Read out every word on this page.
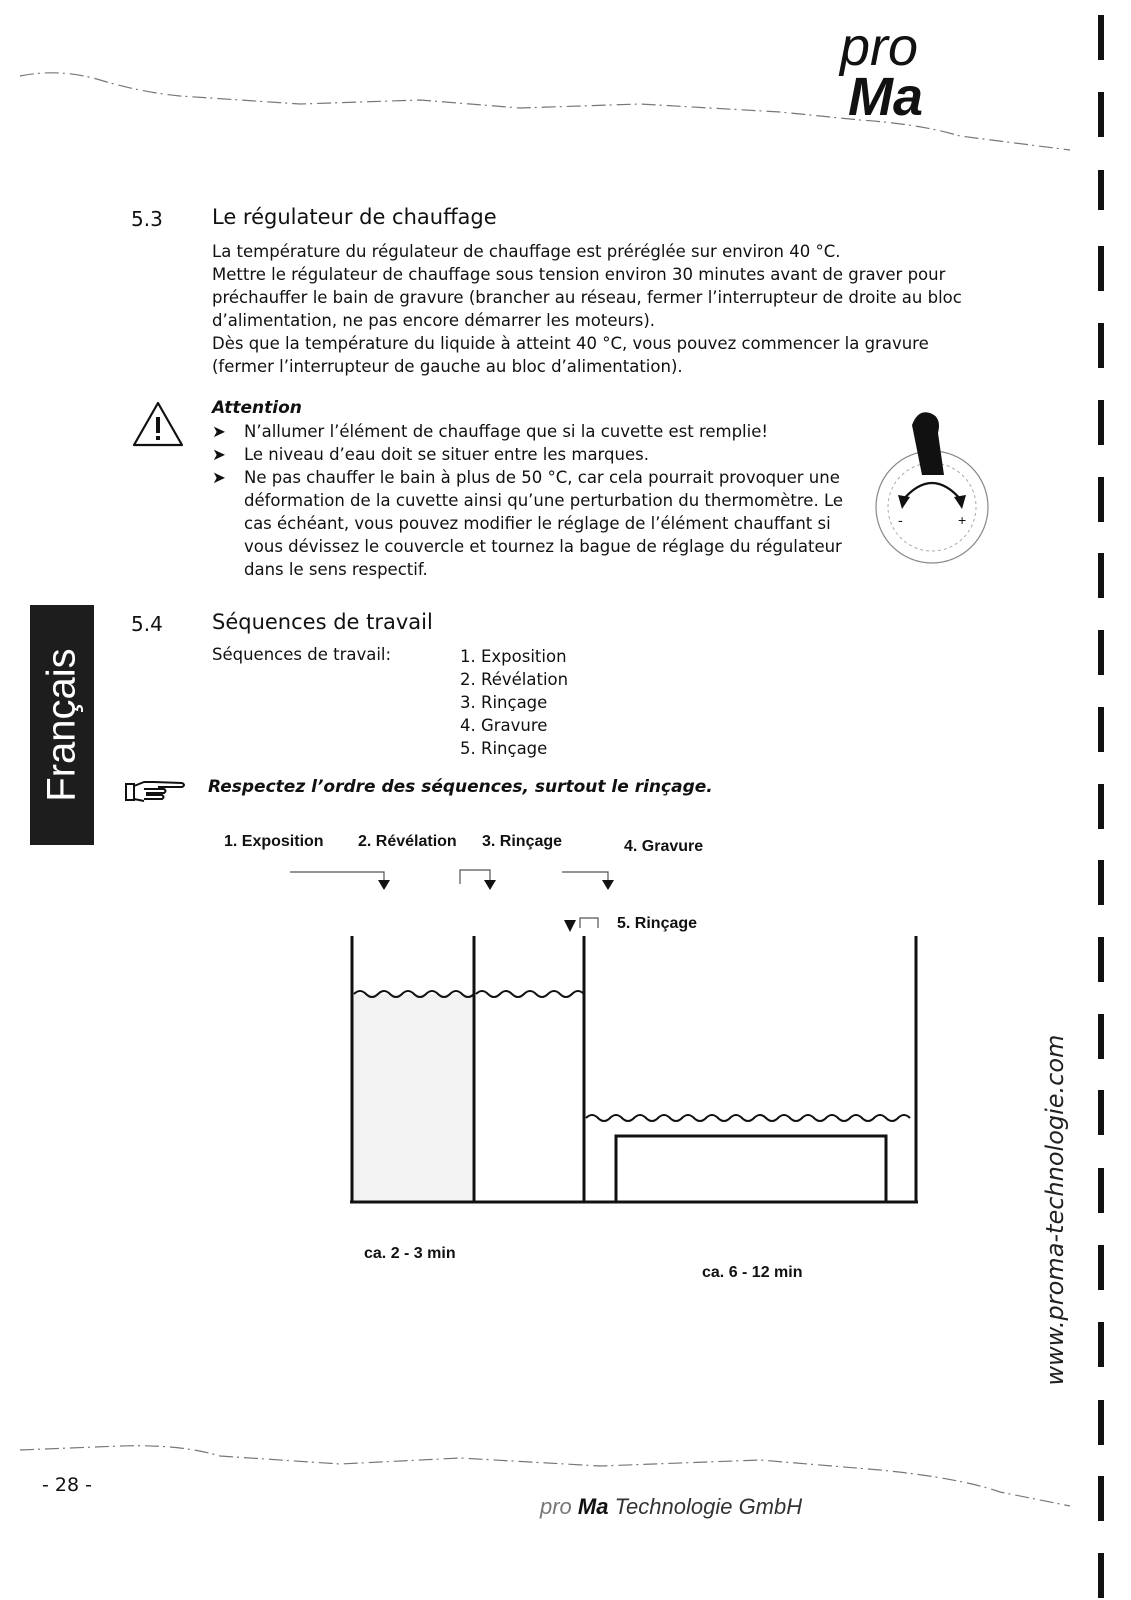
pro
Ma
Français
www.proma-technologie.com
5.3 Le régulateur de chauffage

La température du régulateur de chauffage est préréglée sur environ 40 °C.

Mettre le régulateur de chauffage sous tension environ 30 minutes avant de graver pour

préchauffer le bain de gravure (brancher au réseau, fermer l’interrupteur de droite au bloc

d’alimentation, ne pas encore démarrer les moteurs).

Dès que la température du liquide à atteint 40 °C, vous pouvez commencer la gravure

(fermer l’interrupteur de gauche au bloc d’alimentation).

Attention
➤ N’allumer l’élément de chauffage que si la cuvette est remplie!
➤ Le niveau d’eau doit se situer entre les marques.
➤ Ne pas chauffer le bain à plus de 50 °C, car cela pourrait provoquer une
déformation de la cuvette ainsi qu’une perturbation du thermomètre. Le
cas échéant, vous pouvez modifier le réglage de l’élément chauffant si
vous dévissez le couvercle et tournez la bague de réglage du régulateur
dans le sens respectif.
-	+
5.4 Séquences de travail
Séquences de travail:	1. Exposition
2. Révélation
3. Rinçage
4. Gravure
5. Rinçage
Respectez l’ordre des séquences, surtout le rinçage.
1. Exposition 2. Révélation 3. Rinçage	4. Gravure
5. Rinçage
ca. 2 - 3 min
ca. 6 - 12 min
- 28 -
pro Ma Technologie GmbH
